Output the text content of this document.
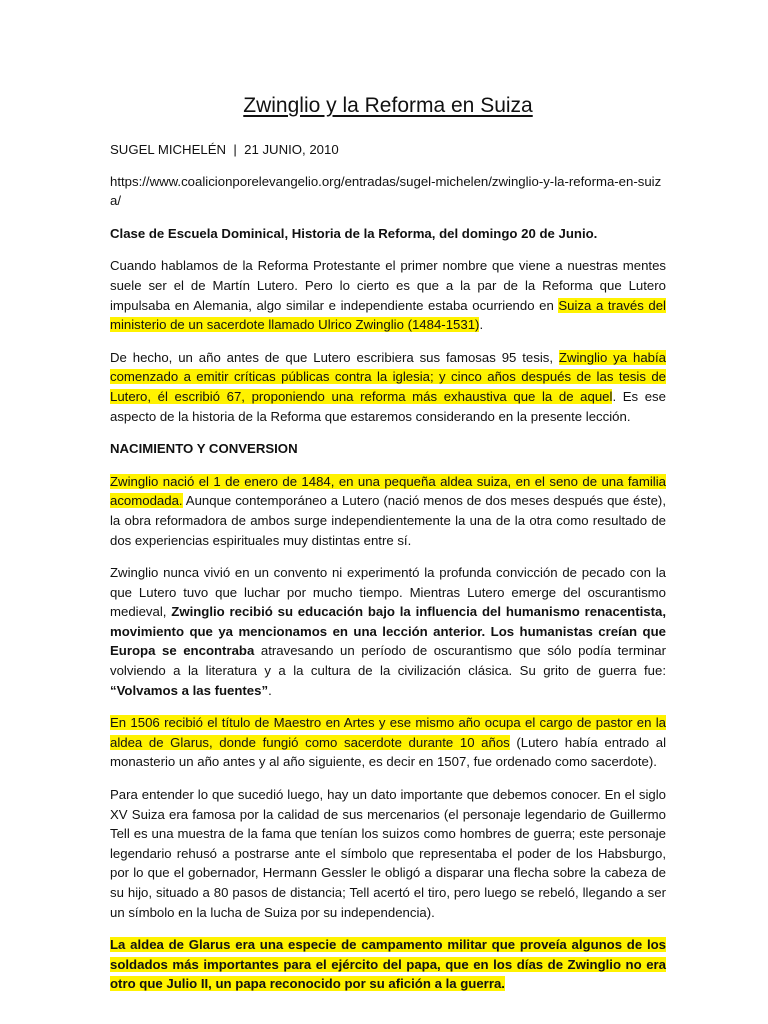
Zwinglio y la Reforma en Suiza

SUGEL MICHELÉN | 21 JUNIO, 2010

https://www.coalicionporelevangelio.org/entradas/sugel-michelen/zwinglio-y-la-reforma-en-suiza/

Clase de Escuela Dominical, Historia de la Reforma, del domingo 20 de Junio.

Cuando hablamos de la Reforma Protestante el primer nombre que viene a nuestras mentes suele ser el de Martín Lutero. Pero lo cierto es que a la par de la Reforma que Lutero impulsaba en Alemania, algo similar e independiente estaba ocurriendo en Suiza a través del ministerio de un sacerdote llamado Ulrico Zwinglio (1484-1531).

De hecho, un año antes de que Lutero escribiera sus famosas 95 tesis, Zwinglio ya había comenzado a emitir críticas públicas contra la iglesia; y cinco años después de las tesis de Lutero, él escribió 67, proponiendo una reforma más exhaustiva que la de aquel. Es ese aspecto de la historia de la Reforma que estaremos considerando en la presente lección.

NACIMIENTO Y CONVERSION

Zwinglio nació el 1 de enero de 1484, en una pequeña aldea suiza, en el seno de una familia acomodada. Aunque contemporáneo a Lutero (nació menos de dos meses después que éste), la obra reformadora de ambos surge independientemente la una de la otra como resultado de dos experiencias espirituales muy distintas entre sí.

Zwinglio nunca vivió en un convento ni experimentó la profunda convicción de pecado con la que Lutero tuvo que luchar por mucho tiempo. Mientras Lutero emerge del oscurantismo medieval, Zwinglio recibió su educación bajo la influencia del humanismo renacentista, movimiento que ya mencionamos en una lección anterior. Los humanistas creían que Europa se encontraba atravesando un período de oscurantismo que sólo podía terminar volviendo a la literatura y a la cultura de la civilización clásica. Su grito de guerra fue: “Volvamos a las fuentes”.

En 1506 recibió el título de Maestro en Artes y ese mismo año ocupa el cargo de pastor en la aldea de Glarus, donde fungió como sacerdote durante 10 años (Lutero había entrado al monasterio un año antes y al año siguiente, es decir en 1507, fue ordenado como sacerdote).

Para entender lo que sucedió luego, hay un dato importante que debemos conocer. En el siglo XV Suiza era famosa por la calidad de sus mercenarios (el personaje legendario de Guillermo Tell es una muestra de la fama que tenían los suizos como hombres de guerra; este personaje legendario rehusó a postrarse ante el símbolo que representaba el poder de los Habsburgo, por lo que el gobernador, Hermann Gessler le obligó a disparar una flecha sobre la cabeza de su hijo, situado a 80 pasos de distancia; Tell acertó el tiro, pero luego se rebeló, llegando a ser un símbolo en la lucha de Suiza por su independencia).

La aldea de Glarus era una especie de campamento militar que proveía algunos de los soldados más importantes para el ejército del papa, que en los días de Zwinglio no era otro que Julio II, un papa reconocido por su afición a la guerra.
